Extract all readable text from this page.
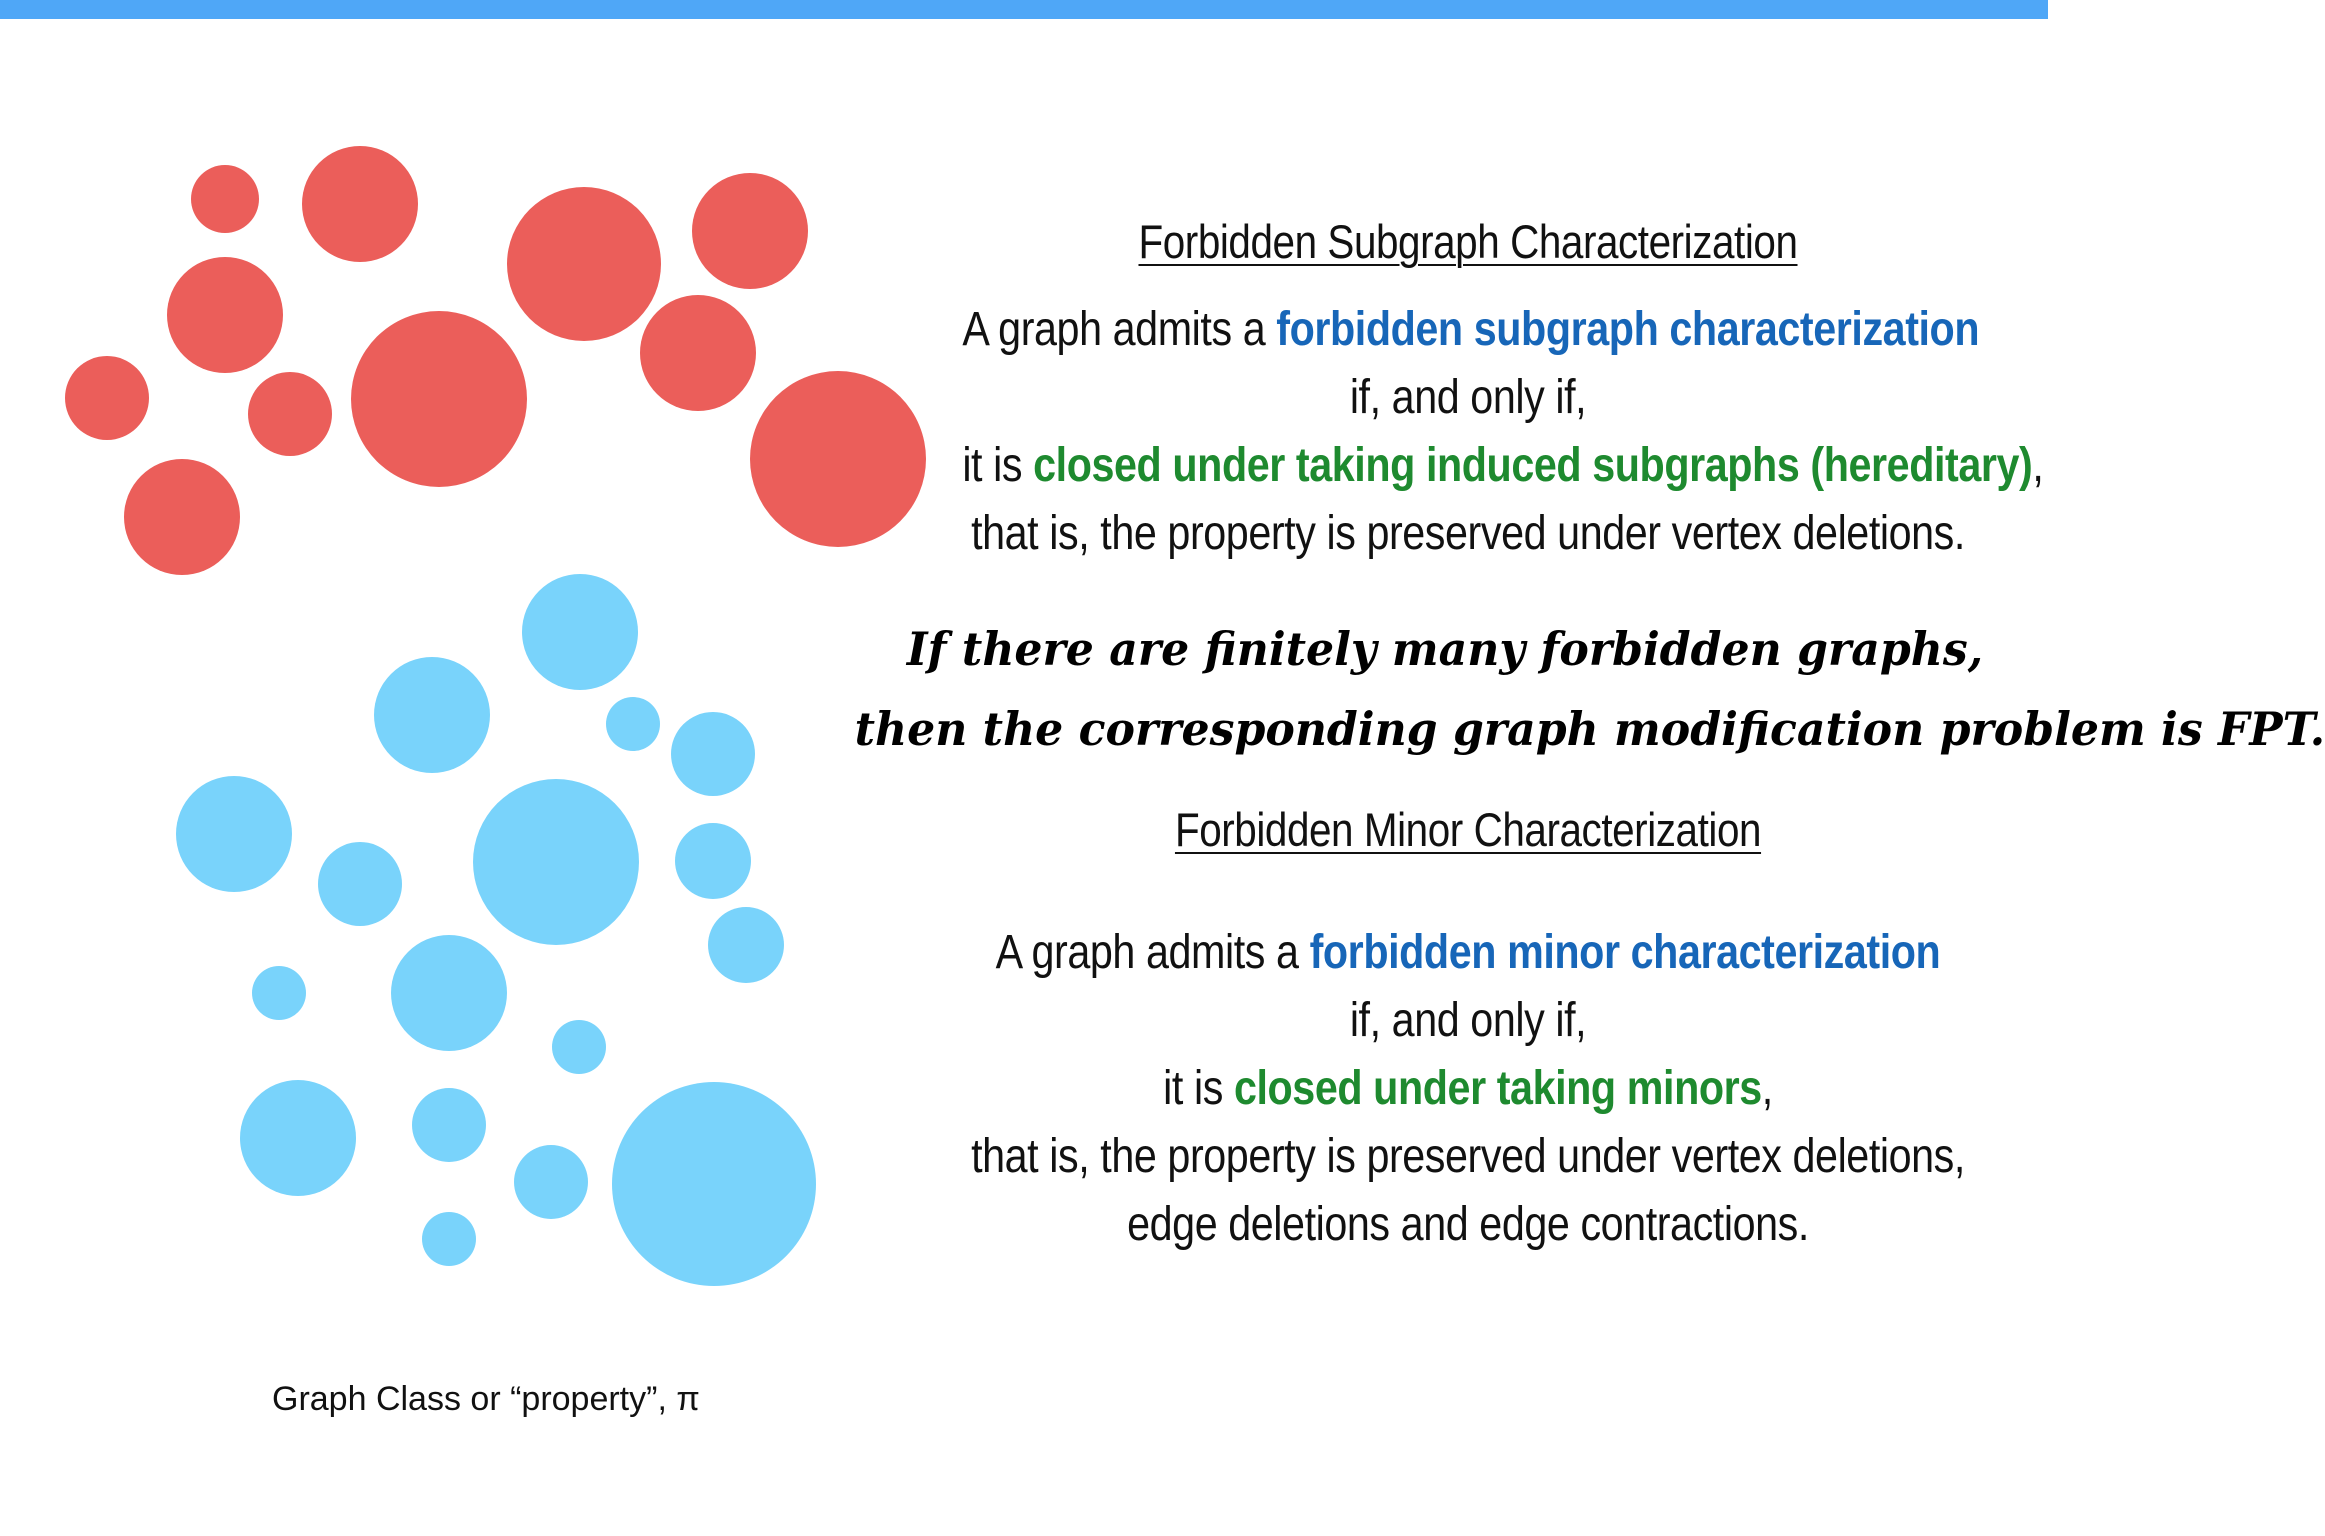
Forbidden Subgraph Characterization
A graph admits a forbidden subgraph characterization
if, and only if,
it is closed under taking induced subgraphs (hereditary),
that is, the property is preserved under vertex deletions.
If there are finitely many forbidden graphs,
then the corresponding graph modification problem is FPT.
Forbidden Minor Characterization
A graph admits a forbidden minor characterization
if, and only if,
it is closed under taking minors,
that is, the property is preserved under vertex deletions,
edge deletions and edge contractions.
Graph Class or “property”, π
